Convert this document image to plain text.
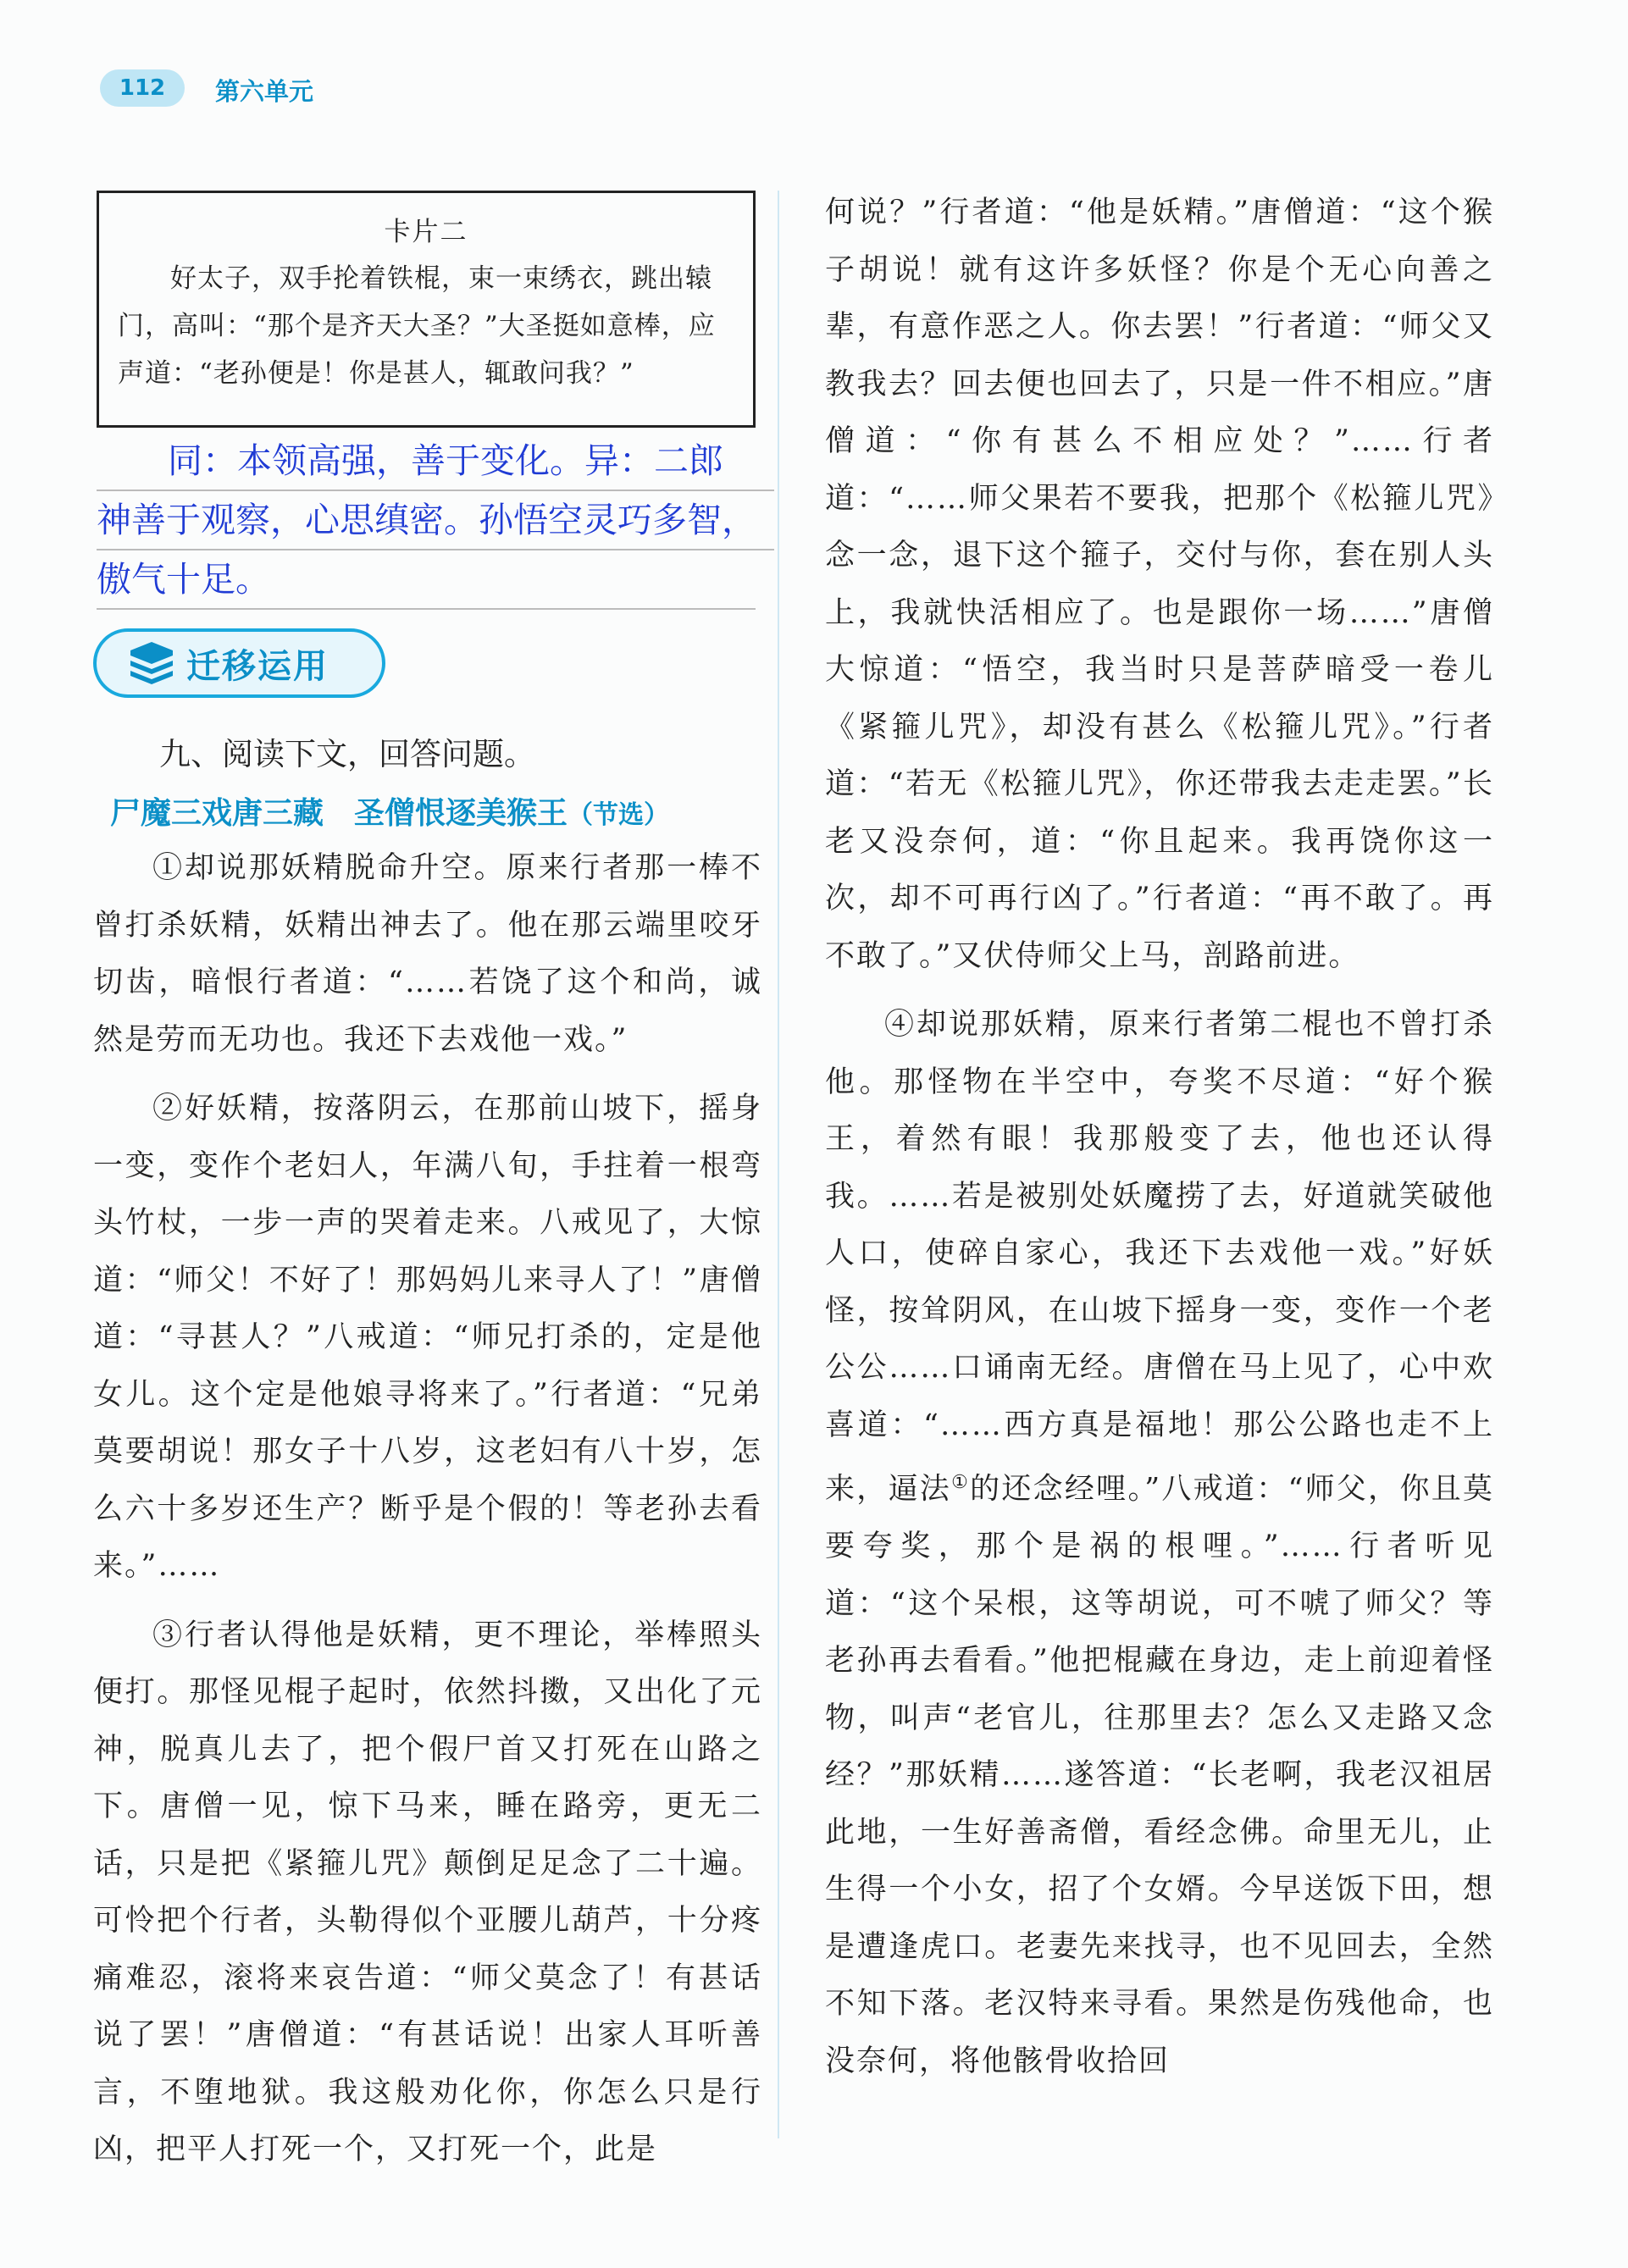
112	第六单元
卡片二
好太子，双手抡着铁棍，束一束绣衣，跳出辕门，高叫：“那个是齐天大圣？”大圣挺如意棒，应声道：“老孙便是！你是甚人，辄敢问我？”
同：本领高强，善于变化。异：二郎
神善于观察，心思缜密。孙悟空灵巧多智，
傲气十足。
迁移运用
九、阅读下文，回答问题。
尸魔三戏唐三藏　圣僧恨逐美猴王（节选）

①却说那妖精脱命升空。原来行者那一棒不曾打杀妖精，妖精出神去了。他在那云端里咬牙切齿，暗恨行者道：“……若饶了这个和尚，诚然是劳而无功也。我还下去戏他一戏。”

②好妖精，按落阴云，在那前山坡下，摇身一变，变作个老妇人，年满八旬，手拄着一根弯头竹杖，一步一声的哭着走来。八戒见了，大惊道：“师父！不好了！那妈妈儿来寻人了！”唐僧道：“寻甚人？”八戒道：“师兄打杀的，定是他女儿。这个定是他娘寻将来了。”行者道：“兄弟莫要胡说！那女子十八岁，这老妇有八十岁，怎么六十多岁还生产？断乎是个假的！等老孙去看来。”……

③行者认得他是妖精，更不理论，举棒照头便打。那怪见棍子起时，依然抖擞，又出化了元神，脱真儿去了，把个假尸首又打死在山路之下。唐僧一见，惊下马来，睡在路旁，更无二话，只是把《紧箍儿咒》颠倒足足念了二十遍。可怜把个行者，头勒得似个亚腰儿葫芦，十分疼痛难忍，滚将来哀告道：“师父莫念了！有甚话说了罢！”唐僧道：“有甚话说！出家人耳听善言，不堕地狱。我这般劝化你，你怎么只是行凶，把平人打死一个，又打死一个，此是

何说？”行者道：“他是妖精。”唐僧道：“这个猴子胡说！就有这许多妖怪？你是个无心向善之辈，有意作恶之人。你去罢！”行者道：“师父又教我去？回去便也回去了，只是一件不相应。”唐僧道：“你有甚么不相应处？”……行者道：“……师父果若不要我，把那个《松箍儿咒》念一念，退下这个箍子，交付与你，套在别人头上，我就快活相应了。也是跟你一场……”唐僧大惊道：“悟空，我当时只是菩萨暗受一卷儿《紧箍儿咒》，却没有甚么《松箍儿咒》。”行者道：“若无《松箍儿咒》，你还带我去走走罢。”长老又没奈何，道：“你且起来。我再饶你这一次，却不可再行凶了。”行者道：“再不敢了。再不敢了。”又伏侍师父上马，剖路前进。

④却说那妖精，原来行者第二棍也不曾打杀他。那怪物在半空中，夸奖不尽道：“好个猴王，着然有眼！我那般变了去，他也还认得我。……若是被别处妖魔捞了去，好道就笑破他人口，使碎自家心，我还下去戏他一戏。”好妖怪，按耸阴风，在山坡下摇身一变，变作一个老公公……口诵南无经。唐僧在马上见了，心中欢喜道：“……西方真是福地！那公公路也走不上来，逼法①的还念经哩。”八戒道：“师父，你且莫要夸奖，那个是祸的根哩。”……行者听见道：“这个呆根，这等胡说，可不唬了师父？等老孙再去看看。”他把棍藏在身边，走上前迎着怪物，叫声“老官儿，往那里去？怎么又走路又念经？”那妖精……遂答道：“长老啊，我老汉祖居此地，一生好善斋僧，看经念佛。命里无儿，止生得一个小女，招了个女婿。今早送饭下田，想是遭逢虎口。老妻先来找寻，也不见回去，全然不知下落。老汉特来寻看。果然是伤残他命，也没奈何，将他骸骨收拾回
